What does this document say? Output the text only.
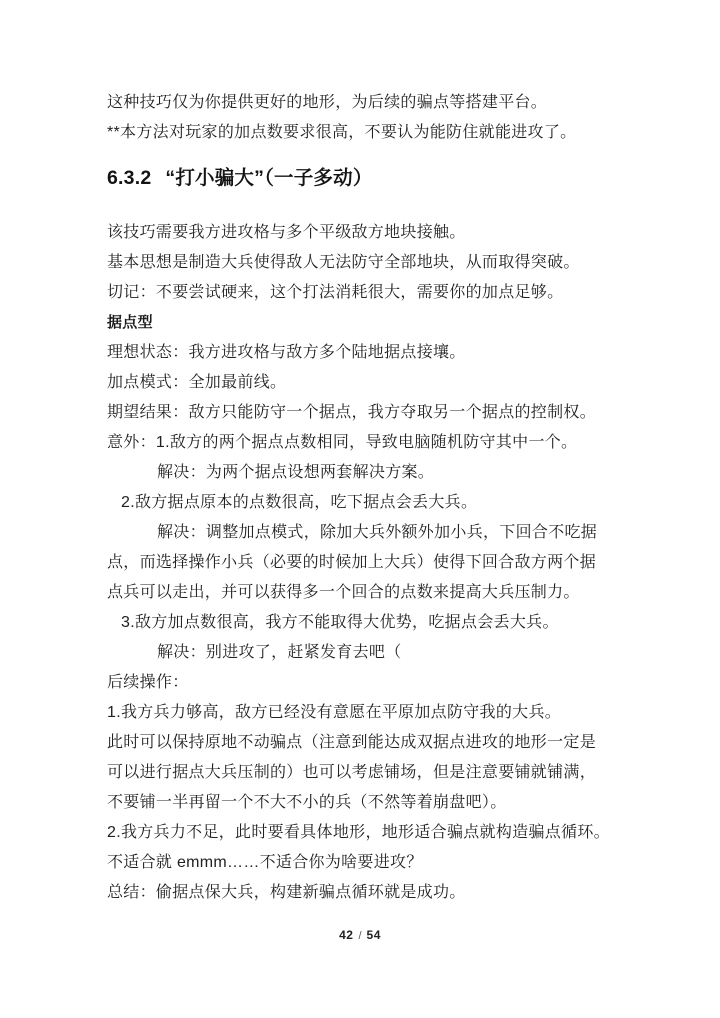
这种技巧仅为你提供更好的地形，为后续的骗点等搭建平台。
**本方法对玩家的加点数要求很高，不要认为能防住就能进攻了。
6.3.2 “打小骗大”（一子多动）
该技巧需要我方进攻格与多个平级敌方地块接触。
基本思想是制造大兵使得敌人无法防守全部地块，从而取得突破。
切记：不要尝试硬来，这个打法消耗很大，需要你的加点足够。
据点型
理想状态：我方进攻格与敌方多个陆地据点接壤。
加点模式：全加最前线。
期望结果：敌方只能防守一个据点，我方夺取另一个据点的控制权。
意外：1.敌方的两个据点点数相同，导致电脑随机防守其中一个。
解决：为两个据点设想两套解决方案。
2.敌方据点原本的点数很高，吃下据点会丢大兵。
解决：调整加点模式，除加大兵外额外加小兵，下回合不吃据
点，而选择操作小兵（必要的时候加上大兵）使得下回合敌方两个据
点兵可以走出，并可以获得多一个回合的点数来提高大兵压制力。
3.敌方加点数很高，我方不能取得大优势，吃据点会丢大兵。
解决：别进攻了，赶紧发育去吧（
后续操作：
1.我方兵力够高，敌方已经没有意愿在平原加点防守我的大兵。
此时可以保持原地不动骗点（注意到能达成双据点进攻的地形一定是
可以进行据点大兵压制的）也可以考虑铺场，但是注意要铺就铺满，
不要铺一半再留一个不大不小的兵（不然等着崩盘吧）。
2.我方兵力不足，此时要看具体地形，地形适合骗点就构造骗点循环。
不适合就 emmm……不适合你为啥要进攻？
总结：偷据点保大兵，构建新骗点循环就是成功。
42 / 54
